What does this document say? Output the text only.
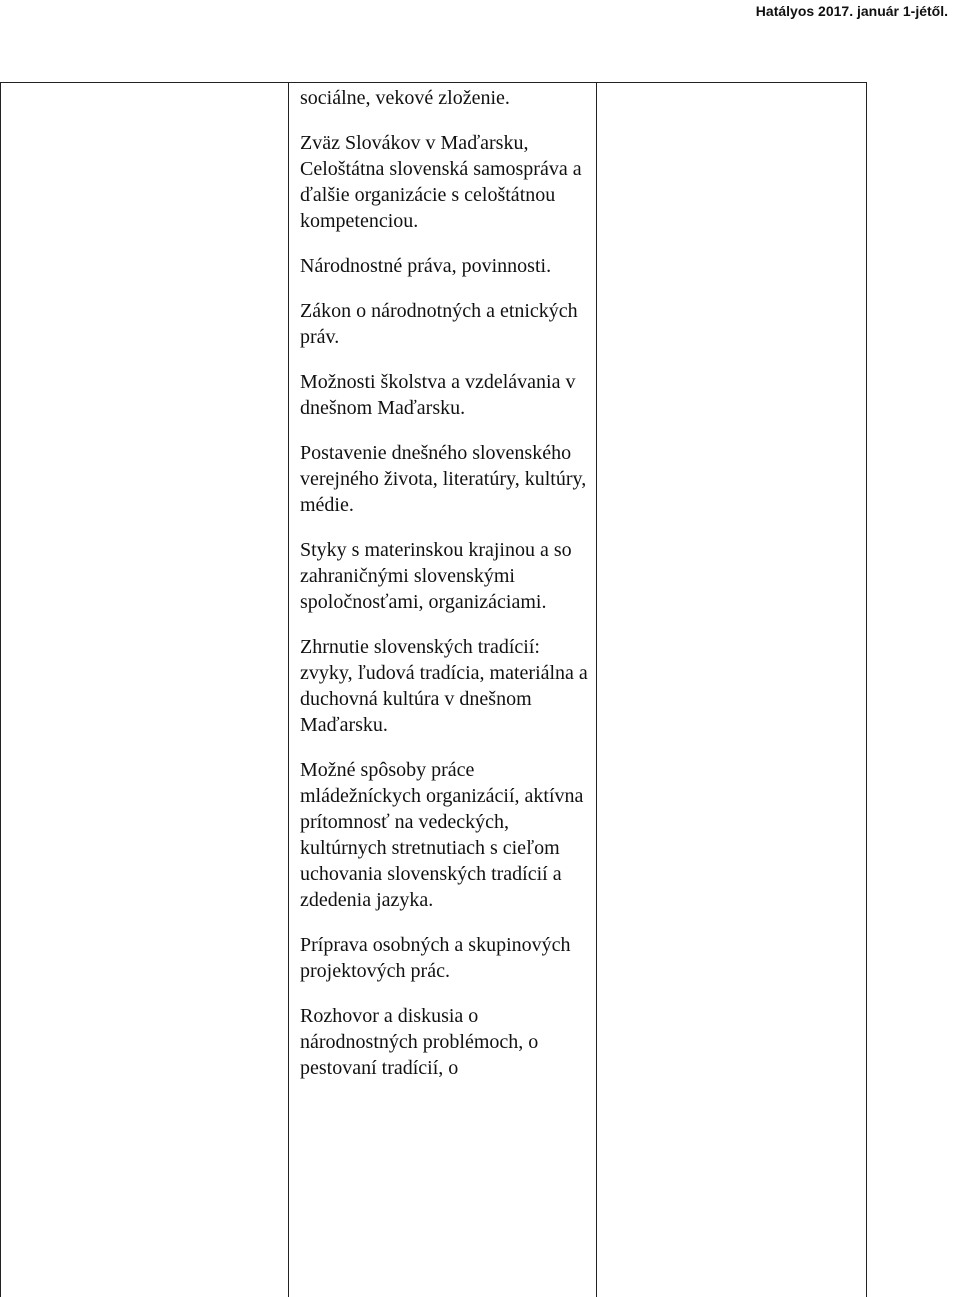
Hatályos 2017. január 1-jétől.

sociálne, vekové zloženie.

Zväz Slovákov v Maďarsku, Celoštátna slovenská samospráva a ďalšie organizácie s celoštátnou kompetenciou.

Národnostné práva, povinnosti.

Zákon o národnotných a etnických práv.

Možnosti školstva a vzdelávania v dnešnom Maďarsku.

Postavenie dnešného slovenského verejného života, literatúry, kultúry, médie.

Styky s materinskou krajinou a so zahraničnými slovenskými spoločnosťami, organizáciami.

Zhrnutie slovenských tradícií: zvyky, ľudová tradícia, materiálna a duchovná kultúra v dnešnom Maďarsku.

Možné spôsoby práce mládežníckych organizácií, aktívna prítomnosť na vedeckých, kultúrnych stretnutiach s cieľom uchovania slovenských tradícií a zdedenia jazyka.

Príprava osobných a skupinových projektových prác.

Rozhovor a diskusia o národnostných problémoch, o pestovaní tradícií, o
